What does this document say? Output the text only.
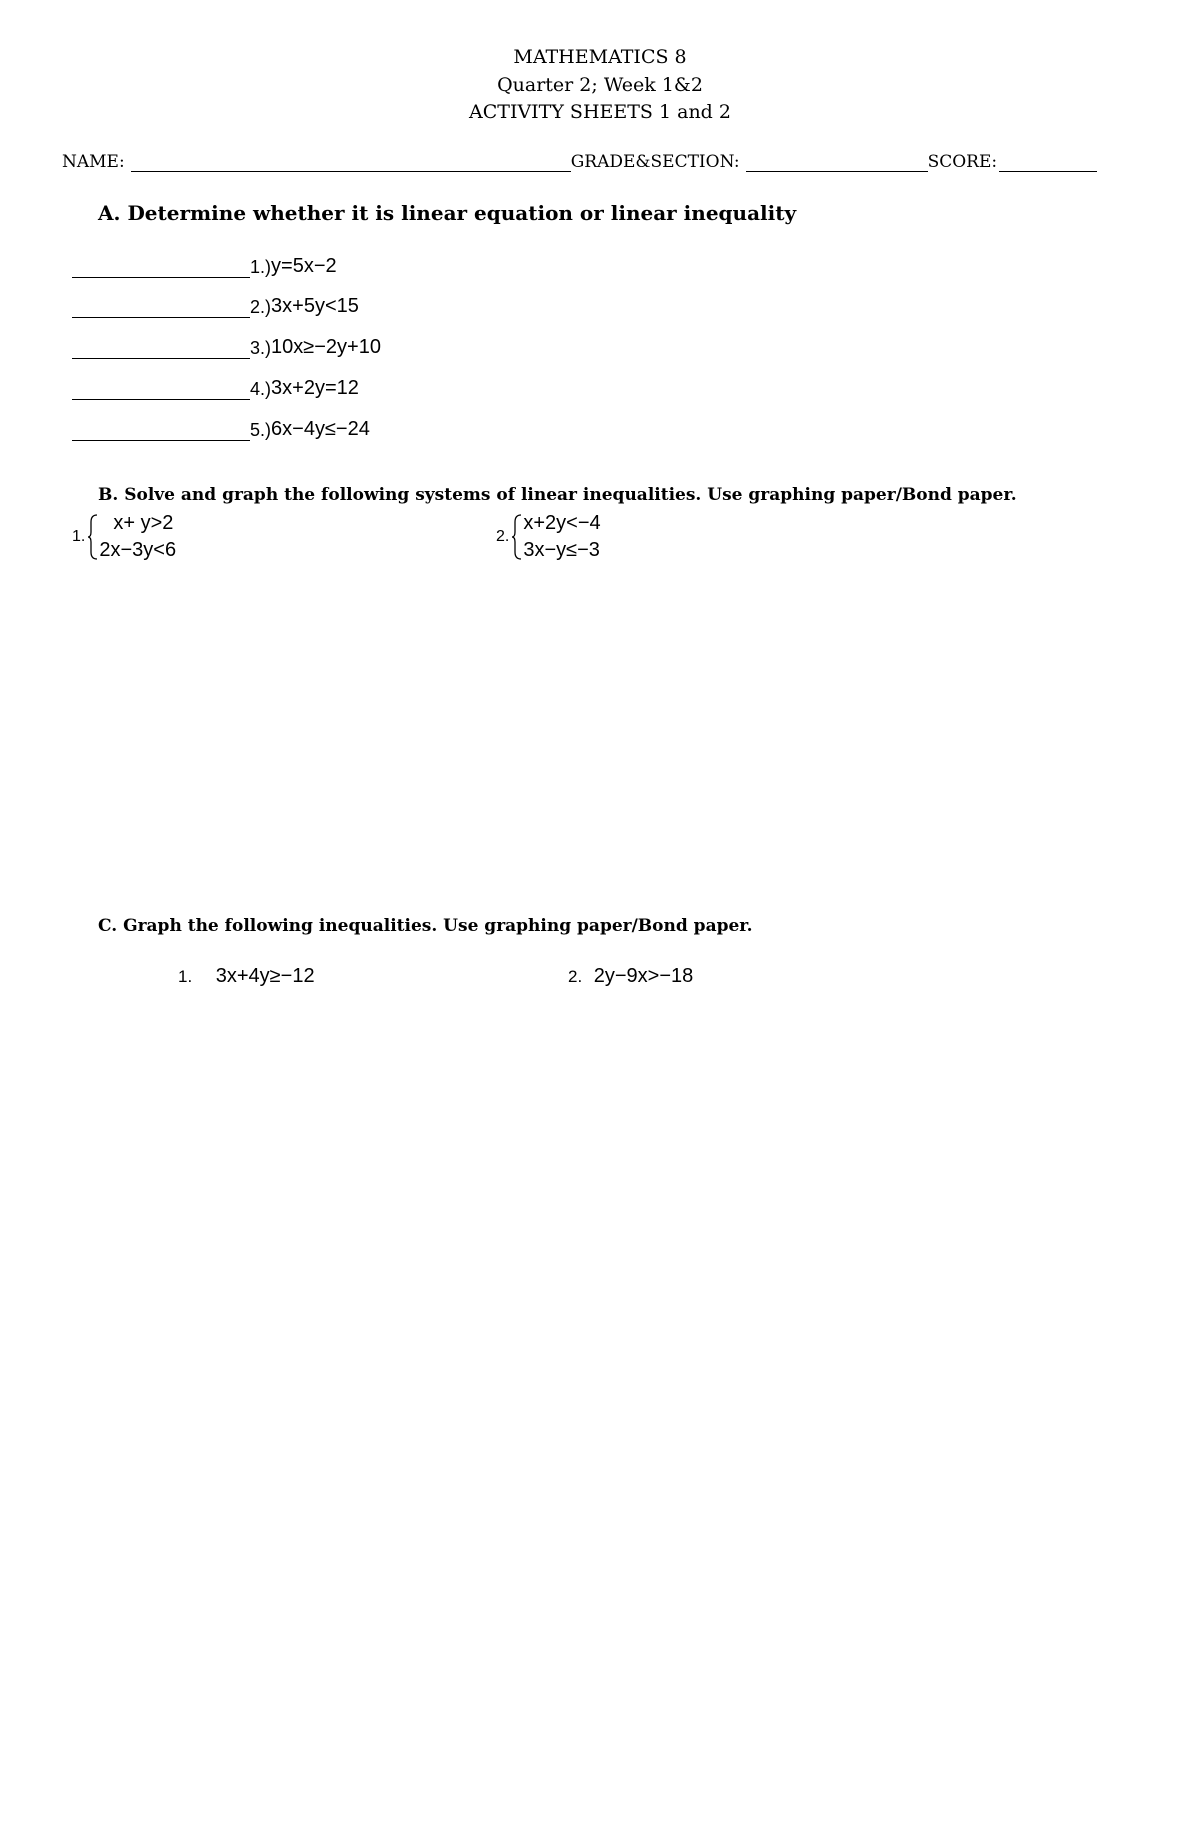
MATHEMATICS 8
Quarter 2; Week 1&2
ACTIVITY SHEETS 1 and 2
NAME:	GRADE&SECTION:	SCORE:
A. Determine whether it is linear equation or linear inequality
1.) y=5x−2
2.) 3x+5y<15
3.) 10x≥−2y+10
4.) 3x+2y=12
5.) 6x−4y≤−24
B. Solve and graph the following systems of linear inequalities. Use graphing paper/Bond paper.
1.
x+ y>2
2x−3y<6
2.
x+2y<−4
3x−y≤−3
C. Graph the following inequalities. Use graphing paper/Bond paper.
1. 3x+4y≥−12	2. 2y−9x>−18
